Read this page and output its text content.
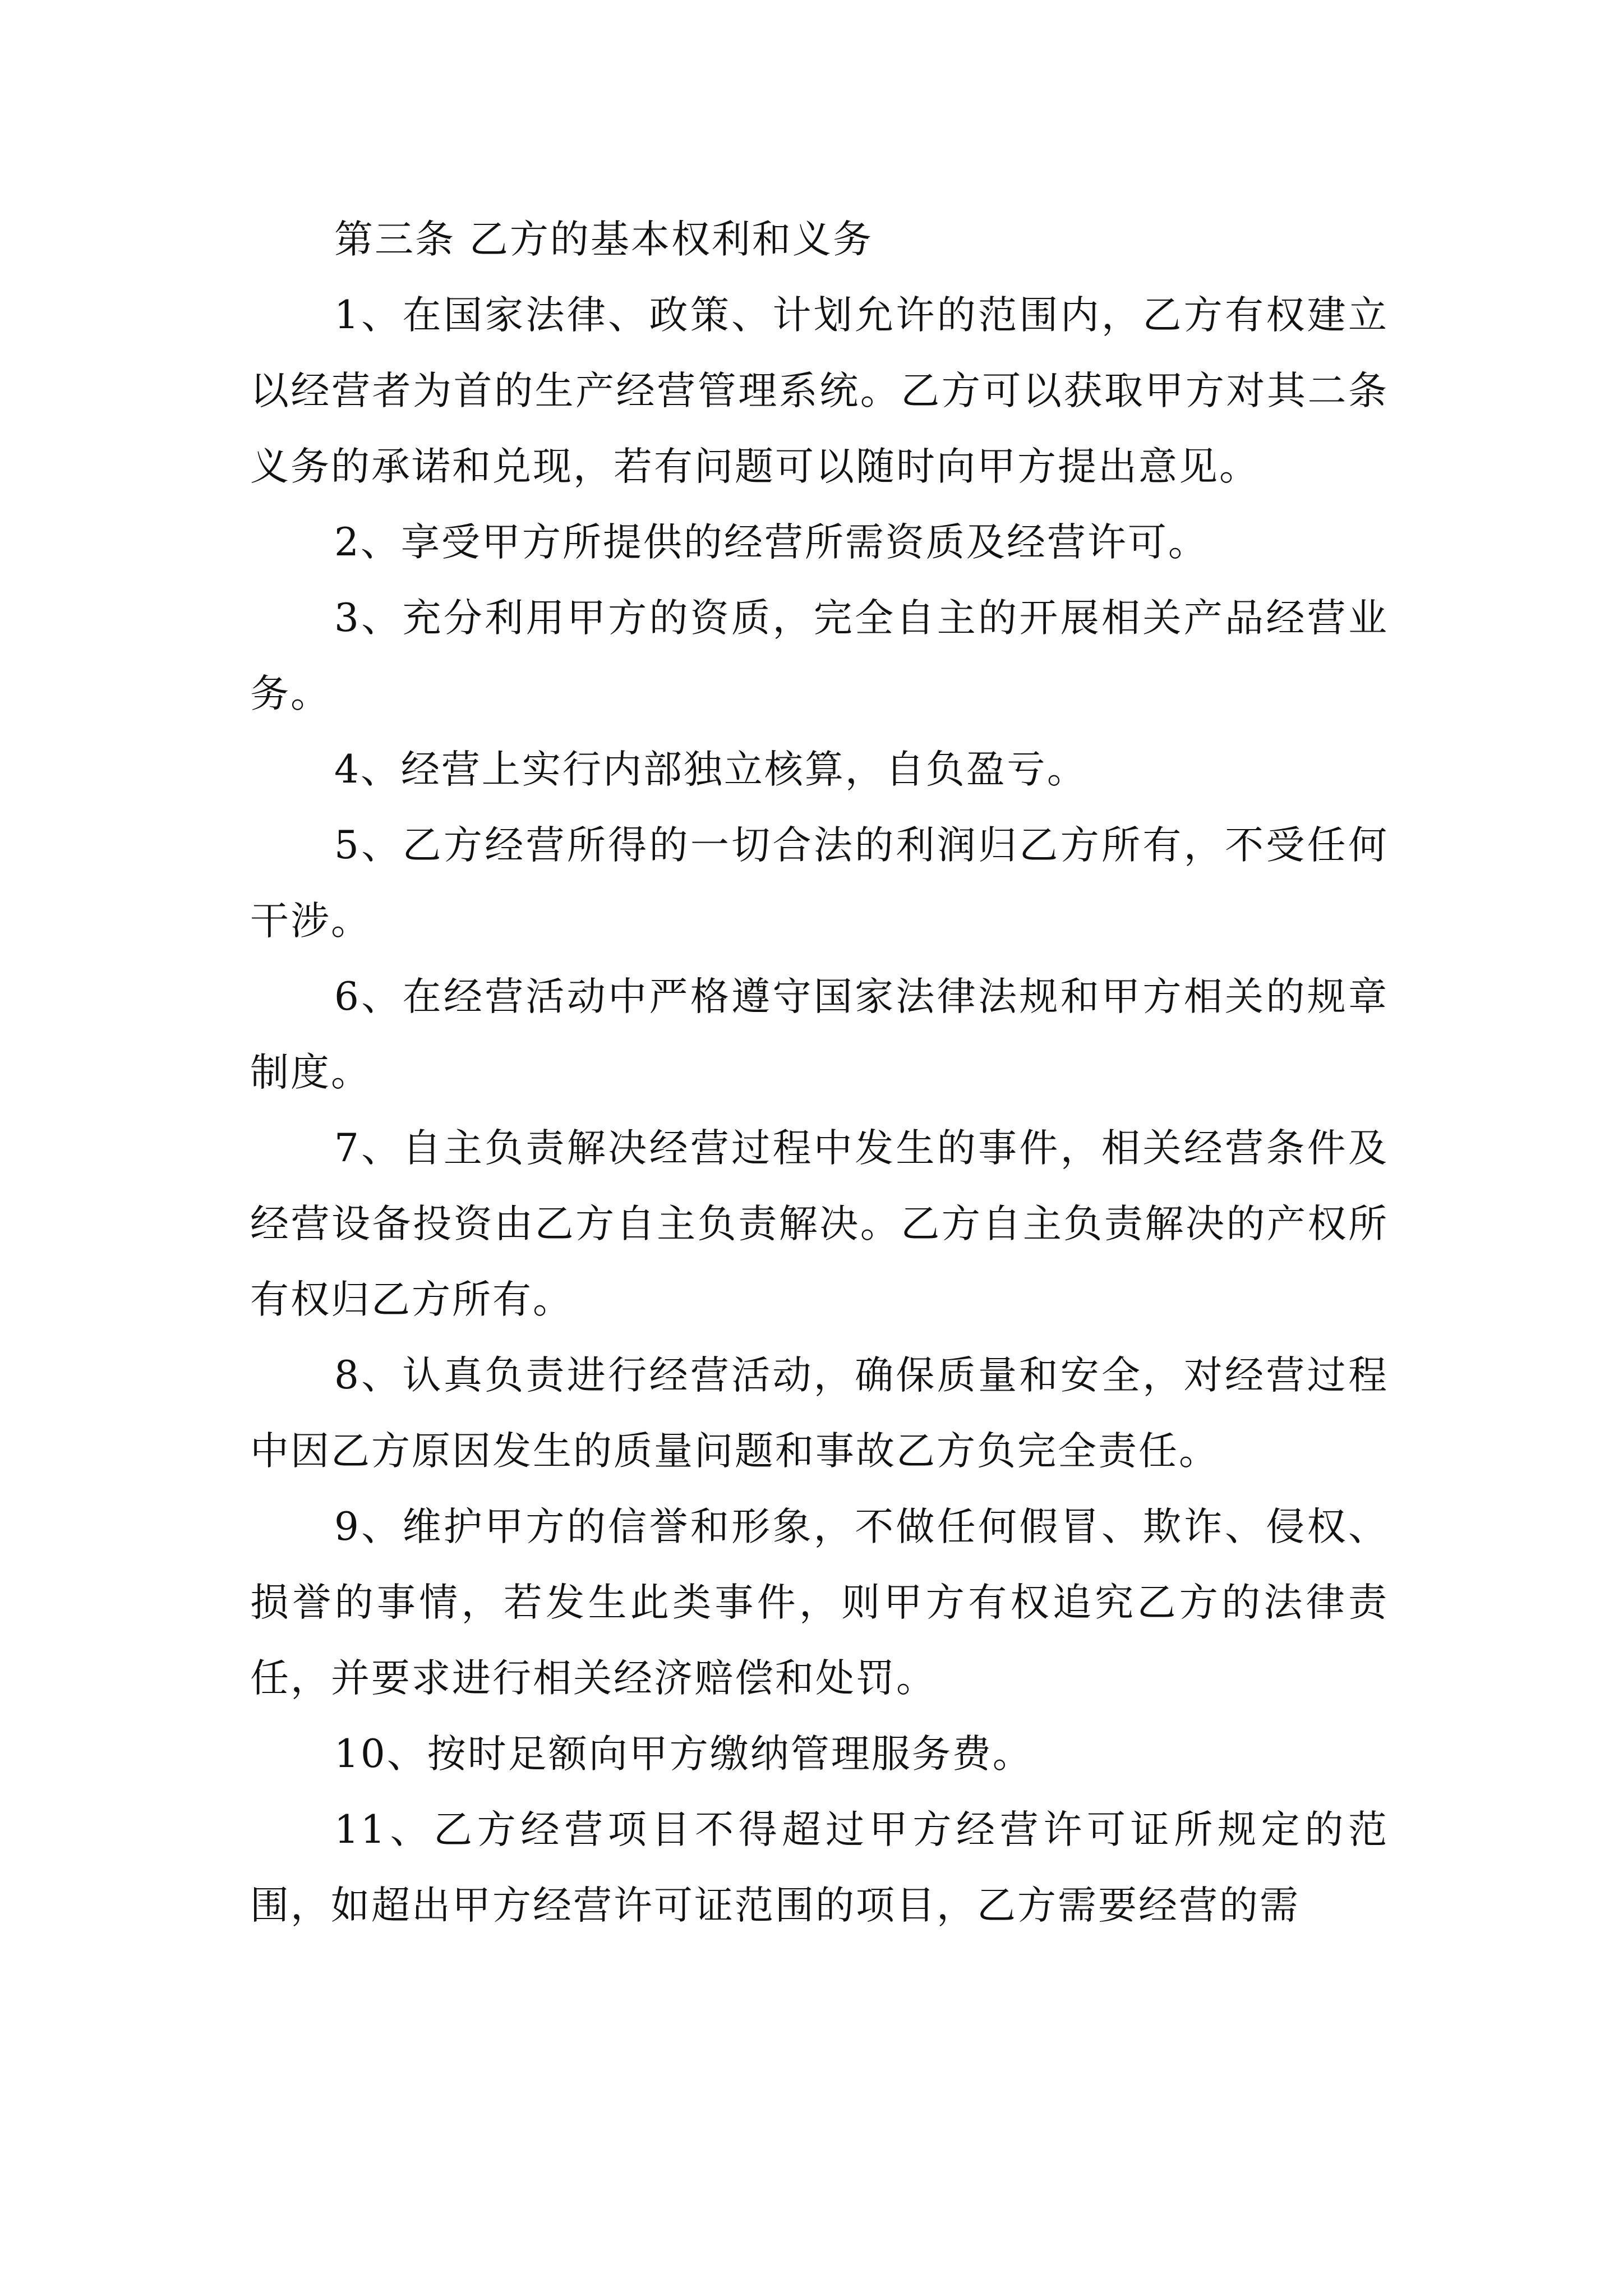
第三条 乙方的基本权利和义务

1、在国家法律、政策、计划允许的范围内，乙方有权建立以经营者为首的生产经营管理系统。乙方可以获取甲方对其二条义务的承诺和兑现，若有问题可以随时向甲方提出意见。

2、享受甲方所提供的经营所需资质及经营许可。

3、充分利用甲方的资质，完全自主的开展相关产品经营业务。

4、经营上实行内部独立核算，自负盈亏。

5、乙方经营所得的一切合法的利润归乙方所有，不受任何干涉。

6、在经营活动中严格遵守国家法律法规和甲方相关的规章制度。

7、自主负责解决经营过程中发生的事件，相关经营条件及经营设备投资由乙方自主负责解决。乙方自主负责解决的产权所有权归乙方所有。

8、认真负责进行经营活动，确保质量和安全，对经营过程中因乙方原因发生的质量问题和事故乙方负完全责任。

9、维护甲方的信誉和形象，不做任何假冒、欺诈、侵权、损誉的事情，若发生此类事件，则甲方有权追究乙方的法律责任，并要求进行相关经济赔偿和处罚。

10、按时足额向甲方缴纳管理服务费。

11、乙方经营项目不得超过甲方经营许可证所规定的范围，如超出甲方经营许可证范围的项目，乙方需要经营的需
